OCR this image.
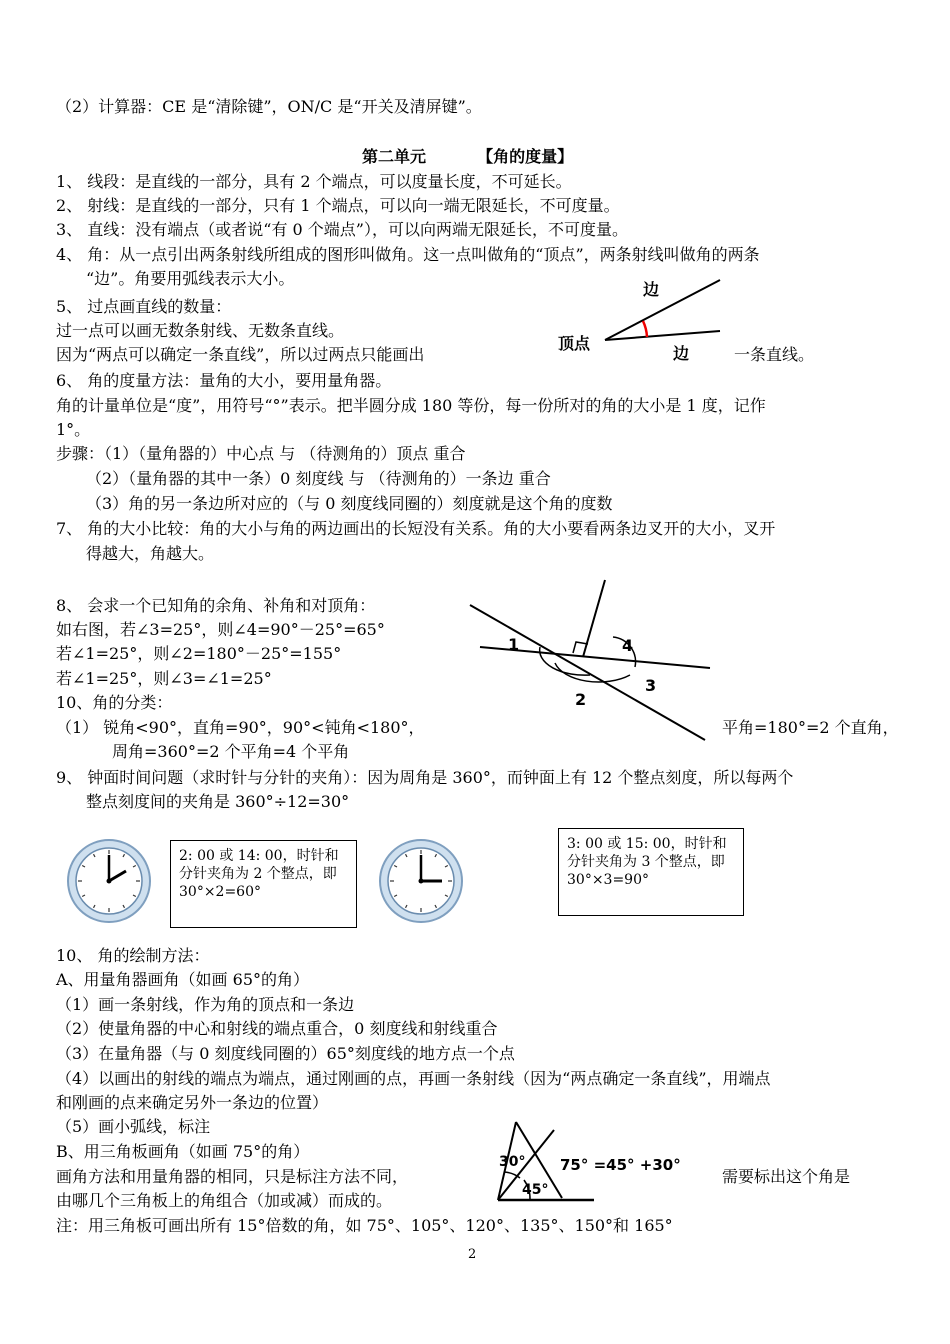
（2）计算器：CE 是“清除键”，ON/C 是“开关及清屏键”。
第二单元	【角的度量】
1、 线段：是直线的一部分，具有 2 个端点，可以度量长度，不可延长。
2、 射线：是直线的一部分，只有 1 个端点，可以向一端无限延长，不可度量。
3、 直线：没有端点（或者说“有 0 个端点”），可以向两端无限延长，不可度量。
4、 角：从一点引出两条射线所组成的图形叫做角。这一点叫做角的“顶点”，两条射线叫做角的两条
“边”。角要用弧线表示大小。
5、 过点画直线的数量：
过一点可以画无数条射线、无数条直线。
因为“两点可以确定一条直线”，所以过两点只能画出	一条直线。
边
顶点
边
6、 角的度量方法：量角的大小，要用量角器。
角的计量单位是“度”，用符号“°”表示。把半圆分成 180 等份，每一份所对的角的大小是 1 度，记作
1°。
步骤：（1）（量角器的）中心点 与 （待测角的）顶点 重合
（2）（量角器的其中一条）0 刻度线 与 （待测角的）一条边 重合
（3）角的另一条边所对应的（与 0 刻度线同圈的）刻度就是这个角的度数
7、 角的大小比较：角的大小与角的两边画出的长短没有关系。角的大小要看两条边叉开的大小，叉开
得越大，角越大。
8、 会求一个已知角的余角、补角和对顶角：
如右图，若∠3=25°，则∠4=90°－25°=65°
若∠1=25°，则∠2=180°－25°=155°
若∠1=25°，则∠3=∠1=25°
1
2
3
4
10、角的分类：
（1） 锐角<90°，直角=90°，90°<钝角<180°，	平角=180°=2 个直角，
周角=360°=2 个平角=4 个平角
9、 钟面时间问题（求时针与分针的夹角）：因为周角是 360°，而钟面上有 12 个整点刻度，所以每两个
整点刻度间的夹角是 360°÷12=30°
2: 00 或 14: 00，时针和分针夹角为 2 个整点，即 30°×2=60°
3: 00 或 15: 00，时针和分针夹角为 3 个整点，即 30°×3=90°
10、 角的绘制方法：
A、用量角器画角（如画 65°的角）
（1）画一条射线，作为角的顶点和一条边
（2）使量角器的中心和射线的端点重合，0 刻度线和射线重合
（3）在量角器（与 0 刻度线同圈的）65°刻度线的地方点一个点
（4）以画出的射线的端点为端点，通过刚画的点，再画一条射线（因为“两点确定一条直线”，用端点
和刚画的点来确定另外一条边的位置）
（5）画小弧线，标注
B、用三角板画角（如画 75°的角）
画角方法和用量角器的相同，只是标注方法不同，	需要标出这个角是
由哪几个三角板上的角组合（加或减）而成的。
注：用三角板可画出所有 15°倍数的角，如 75°、105°、120°、135°、150°和 165°
30°
45°
75° =45° +30°
2
